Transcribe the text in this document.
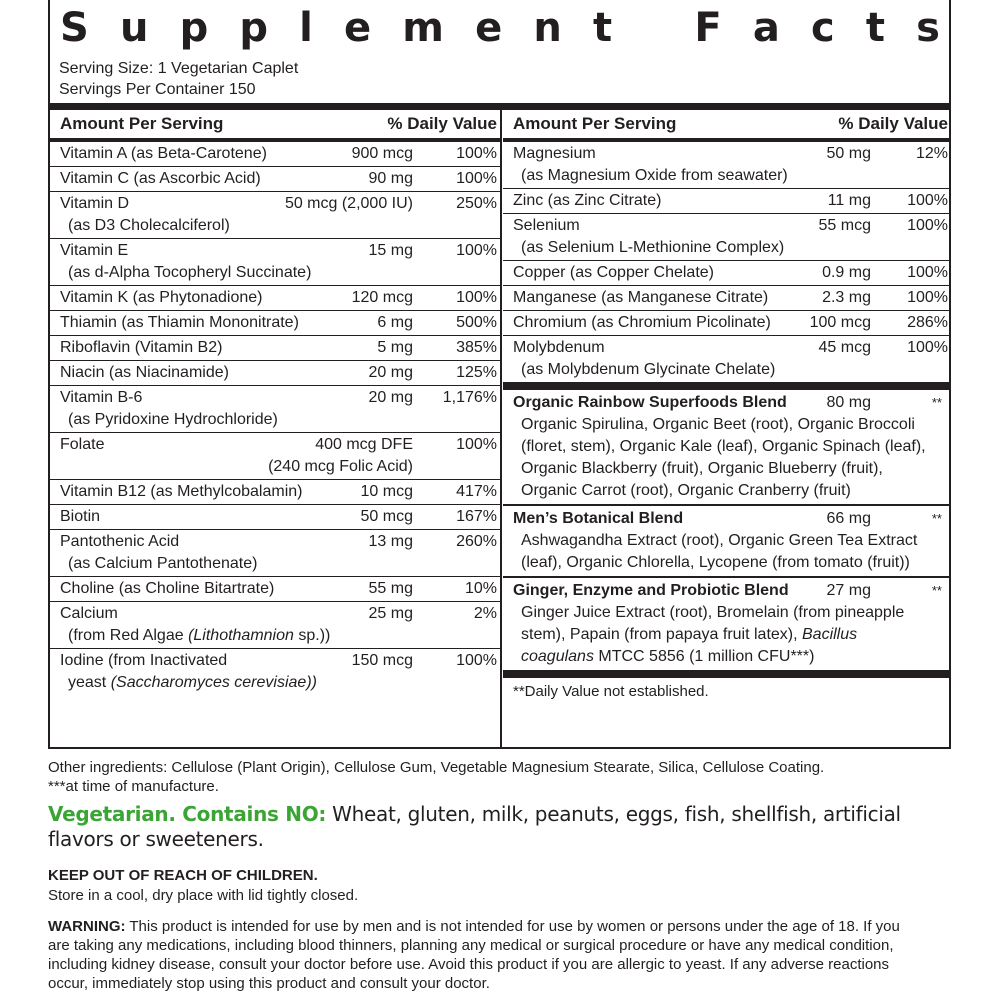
S u p p l e m e n t F a c t s
Serving Size: 1 Vegetarian Caplet
Servings Per Container 150
Amount Per Serving	% Daily Value
Vitamin A (as Beta-Carotene)	900 mcg	100%
Vitamin C (as Ascorbic Acid)	90 mg	100%
Vitamin D	50 mcg (2,000 IU)	250%
(as D3 Cholecalciferol)
Vitamin E	15 mg	100%
(as d-Alpha Tocopheryl Succinate)
Vitamin K (as Phytonadione)	120 mcg	100%
Thiamin (as Thiamin Mononitrate)	6 mg	500%
Riboflavin (Vitamin B2)	5 mg	385%
Niacin (as Niacinamide)	20 mg	125%
Vitamin B-6	20 mg 1,176%
(as Pyridoxine Hydrochloride)
Folate	400 mcg DFE	100%
(240 mcg Folic Acid)
Vitamin B12 (as Methylcobalamin)	10 mcg	417%
Biotin	50 mcg	167%
Pantothenic Acid	13 mg	260%
(as Calcium Pantothenate)
Choline (as Choline Bitartrate)	55 mg	10%
Calcium	25 mg	2%
(from Red Algae (Lithothamnion sp.))
Iodine (from Inactivated	150 mcg	100%
yeast (Saccharomyces cerevisiae))
Amount Per Serving	% Daily Value
Magnesium	50 mg	12%
(as Magnesium Oxide from seawater)
Zinc (as Zinc Citrate)	11 mg 100%
Selenium	55 mcg 100%
(as Selenium L-Methionine Complex)
Copper (as Copper Chelate)	0.9 mg 100%
Manganese (as Manganese Citrate)	2.3 mg 100%
Chromium (as Chromium Picolinate)	100 mcg 286%
Molybdenum	45 mcg 100%
(as Molybdenum Glycinate Chelate)
Organic Rainbow Superfoods Blend 80 mg	**
Organic Spirulina, Organic Beet (root), Organic Broccoli
(floret, stem), Organic Kale (leaf), Organic Spinach (leaf),
Organic Blackberry (fruit), Organic Blueberry (fruit),
Organic Carrot (root), Organic Cranberry (fruit)
Men’s Botanical Blend	66 mg	**
Ashwagandha Extract (root), Organic Green Tea Extract
(leaf), Organic Chlorella, Lycopene (from tomato (fruit))
Ginger, Enzyme and Probiotic Blend 27 mg	**
Ginger Juice Extract (root), Bromelain (from pineapple
stem), Papain (from papaya fruit latex), Bacillus
coagulans MTCC 5856 (1 million CFU***)
**Daily Value not established.
Other ingredients: Cellulose (Plant Origin), Cellulose Gum, Vegetable Magnesium Stearate, Silica, Cellulose Coating.
***at time of manufacture.
Vegetarian. Contains NO: Wheat, gluten, milk, peanuts, eggs, fish, shellfish, artificial
flavors or sweeteners.
KEEP OUT OF REACH OF CHILDREN.
Store in a cool, dry place with lid tightly closed.
WARNING: This product is intended for use by men and is not intended for use by women or persons under the age of 18. If you
are taking any medications, including blood thinners, planning any medical or surgical procedure or have any medical condition,
including kidney disease, consult your doctor before use. Avoid this product if you are allergic to yeast. If any adverse reactions
occur, immediately stop using this product and consult your doctor.
